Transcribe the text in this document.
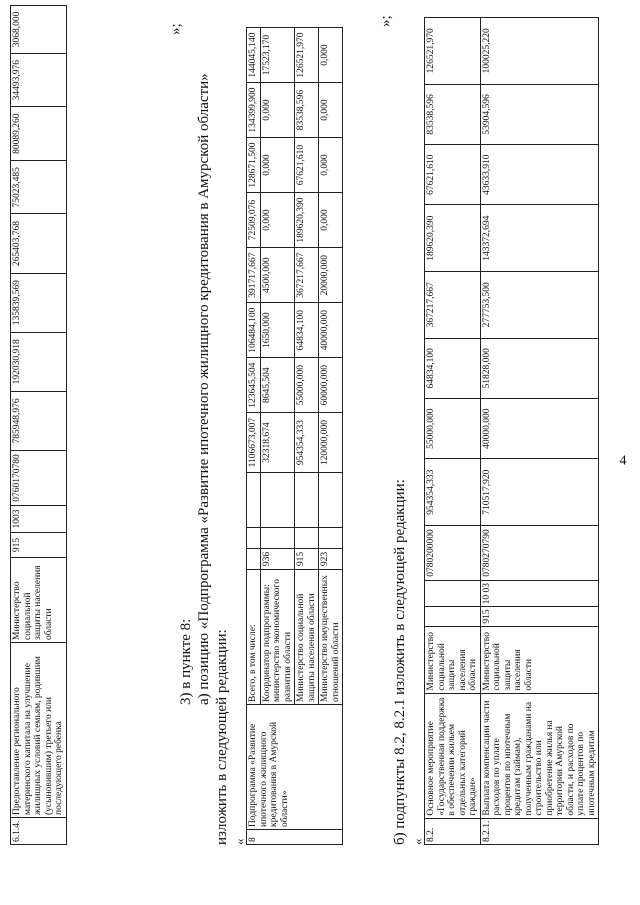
4
6.1.4.	Предоставление регионального материнского капитала на улучшение жилищных условий семьям, родившим (усыновившим) третьего или последующего ребенка	Министерство социальной защиты населения области	915	1003	0760170780	785948,976	192030,918	135839,569	265403,768	75023,485	80089,260	34493,976	3068,000	»;
3) в пункте 8: а) позицию «Подпрограмма «Развитие ипотечного жилищного кредитования в Амурской области»
изложить в следующей редакции: « 8	Подпрограмма «Развитие ипотечного жилищного кредитования в Амурской области»	Всего, в том числе:				1106673,007	123645,504	106484,100	391717,667	72509,076	128671,500	134399,900	144045,140
		Координатор подпрограммы: министерство экономического развития области	936			32318,674	8645,504	1650,000	4500,000	0,000	0,000	0,000	17523,170
		Министерство социальной защиты населения области	915			954354,333	55000,000	64834,100	367217,667	189620,390	67621,610	83538,596	126521,970
		Министерство имущественных отношений области	923			120000,000	60000,000	40000,000	20000,000	0,000	0,000	0,000	0,000
»;
б) подпункты 8.2, 8.2.1 изложить в следующей редакции: « 8.2.	Основное мероприятие «Государственная поддержка в обеспечении жильем отдельных категорий граждан»	Министерство социальной защиты населения области			0780200000	954354,333	55000,000	64834,100	367217,667	189620,390	67621,610	83538,596	126521,970
8.2.1.	Выплата компенсации части расходов по уплате процентов по ипотечным кредитам (займам), полученным гражданами на строительство или приобретение жилья на территории Амурской области, и расходов по уплате процентов по ипотечным кредитам	Министерство социальной защиты населения области	915	10 03	0780270790	710517,920	40000,000	51828,000	277753,500	143372,694	43633,910	53904,596	100025,220
